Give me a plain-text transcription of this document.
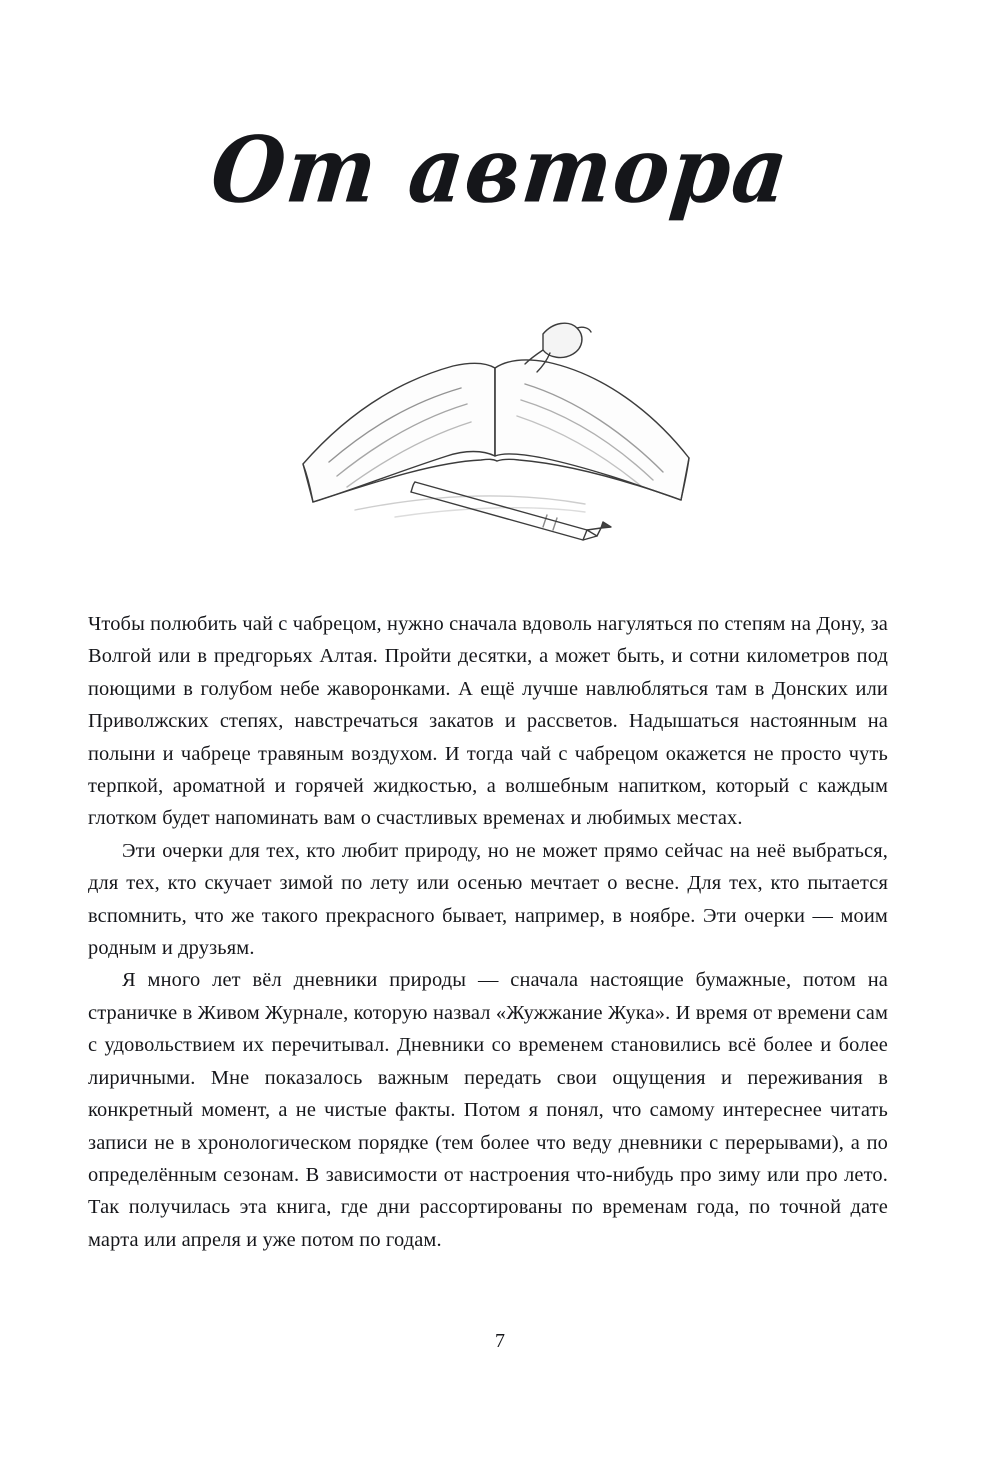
От автора

Чтобы полюбить чай с чабрецом, нужно сначала вдоволь нагуляться по степям на Дону, за Волгой или в предгорьях Алтая. Пройти десятки, а может быть, и сотни километров под поющими в голубом небе жаворонками. А ещё лучше навлюбляться там в Донских или Приволжских степях, навстречаться закатов и рассветов. Надышаться настоянным на полыни и чабреце травяным воздухом. И тогда чай с чабрецом окажется не просто чуть терпкой, ароматной и горячей жидкостью, а волшебным напитком, который с каждым глотком будет напоминать вам о счастливых временах и любимых местах.

Эти очерки для тех, кто любит природу, но не может прямо сейчас на неё выбраться, для тех, кто скучает зимой по лету или осенью мечтает о весне. Для тех, кто пытается вспомнить, что же такого прекрасного бывает, например, в ноябре. Эти очерки — моим родным и друзьям.

Я много лет вёл дневники природы — сначала настоящие бумажные, потом на страничке в Живом Журнале, которую назвал «Жужжание Жука». И время от времени сам с удовольствием их перечитывал. Дневники со временем становились всё более и более лиричными. Мне показалось важным передать свои ощущения и переживания в конкретный момент, а не чистые факты. Потом я понял, что самому интереснее читать записи не в хронологическом порядке (тем более что веду дневники с перерывами), а по определённым сезонам. В зависимости от настроения что-нибудь про зиму или про лето. Так получилась эта книга, где дни рассортированы по временам года, по точной дате марта или апреля и уже потом по годам.

7
